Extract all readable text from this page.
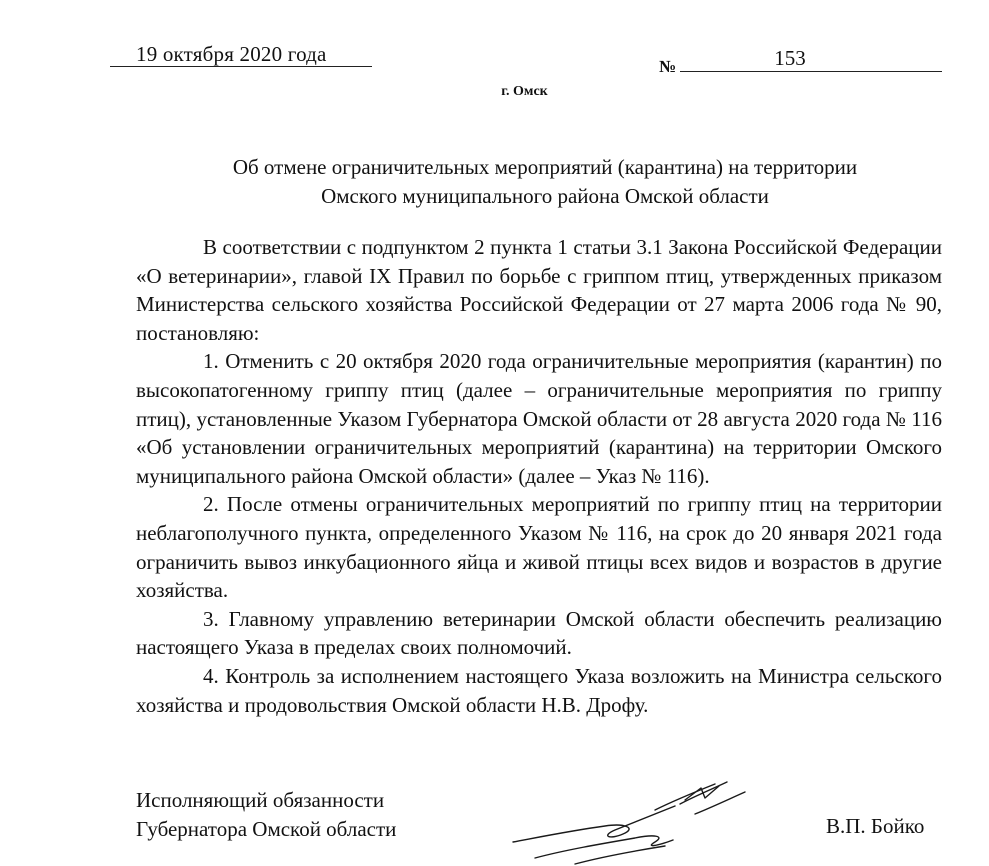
19 октября 2020 года
№	153
г. Омск
Об отмене ограничительных мероприятий (карантина) на территории
Омского муниципального района Омской области

В соответствии с подпунктом 2 пункта 1 статьи 3.1 Закона Российской Федерации «О ветеринарии», главой IX Правил по борьбе с гриппом птиц, утвержденных приказом Министерства сельского хозяйства Российской Федерации от 27 марта 2006 года № 90, постановляю:

1. Отменить с 20 октября 2020 года ограничительные мероприятия (карантин) по высокопатогенному гриппу птиц (далее – ограничительные мероприятия по гриппу птиц), установленные Указом Губернатора Омской области от 28 августа 2020 года № 116 «Об установлении ограничительных мероприятий (карантина) на территории Омского муниципального района Омской области» (далее – Указ № 116).

2. После отмены ограничительных мероприятий по гриппу птиц на территории неблагополучного пункта, определенного Указом № 116, на срок до 20 января 2021 года ограничить вывоз инкубационного яйца и живой птицы всех видов и возрастов в другие хозяйства.

3. Главному управлению ветеринарии Омской области обеспечить реализацию настоящего Указа в пределах своих полномочий.

4. Контроль за исполнением настоящего Указа возложить на Министра сельского хозяйства и продовольствия Омской области Н.В. Дрофу.

Исполняющий обязанности
Губернатора Омской области	В.П. Бойко
